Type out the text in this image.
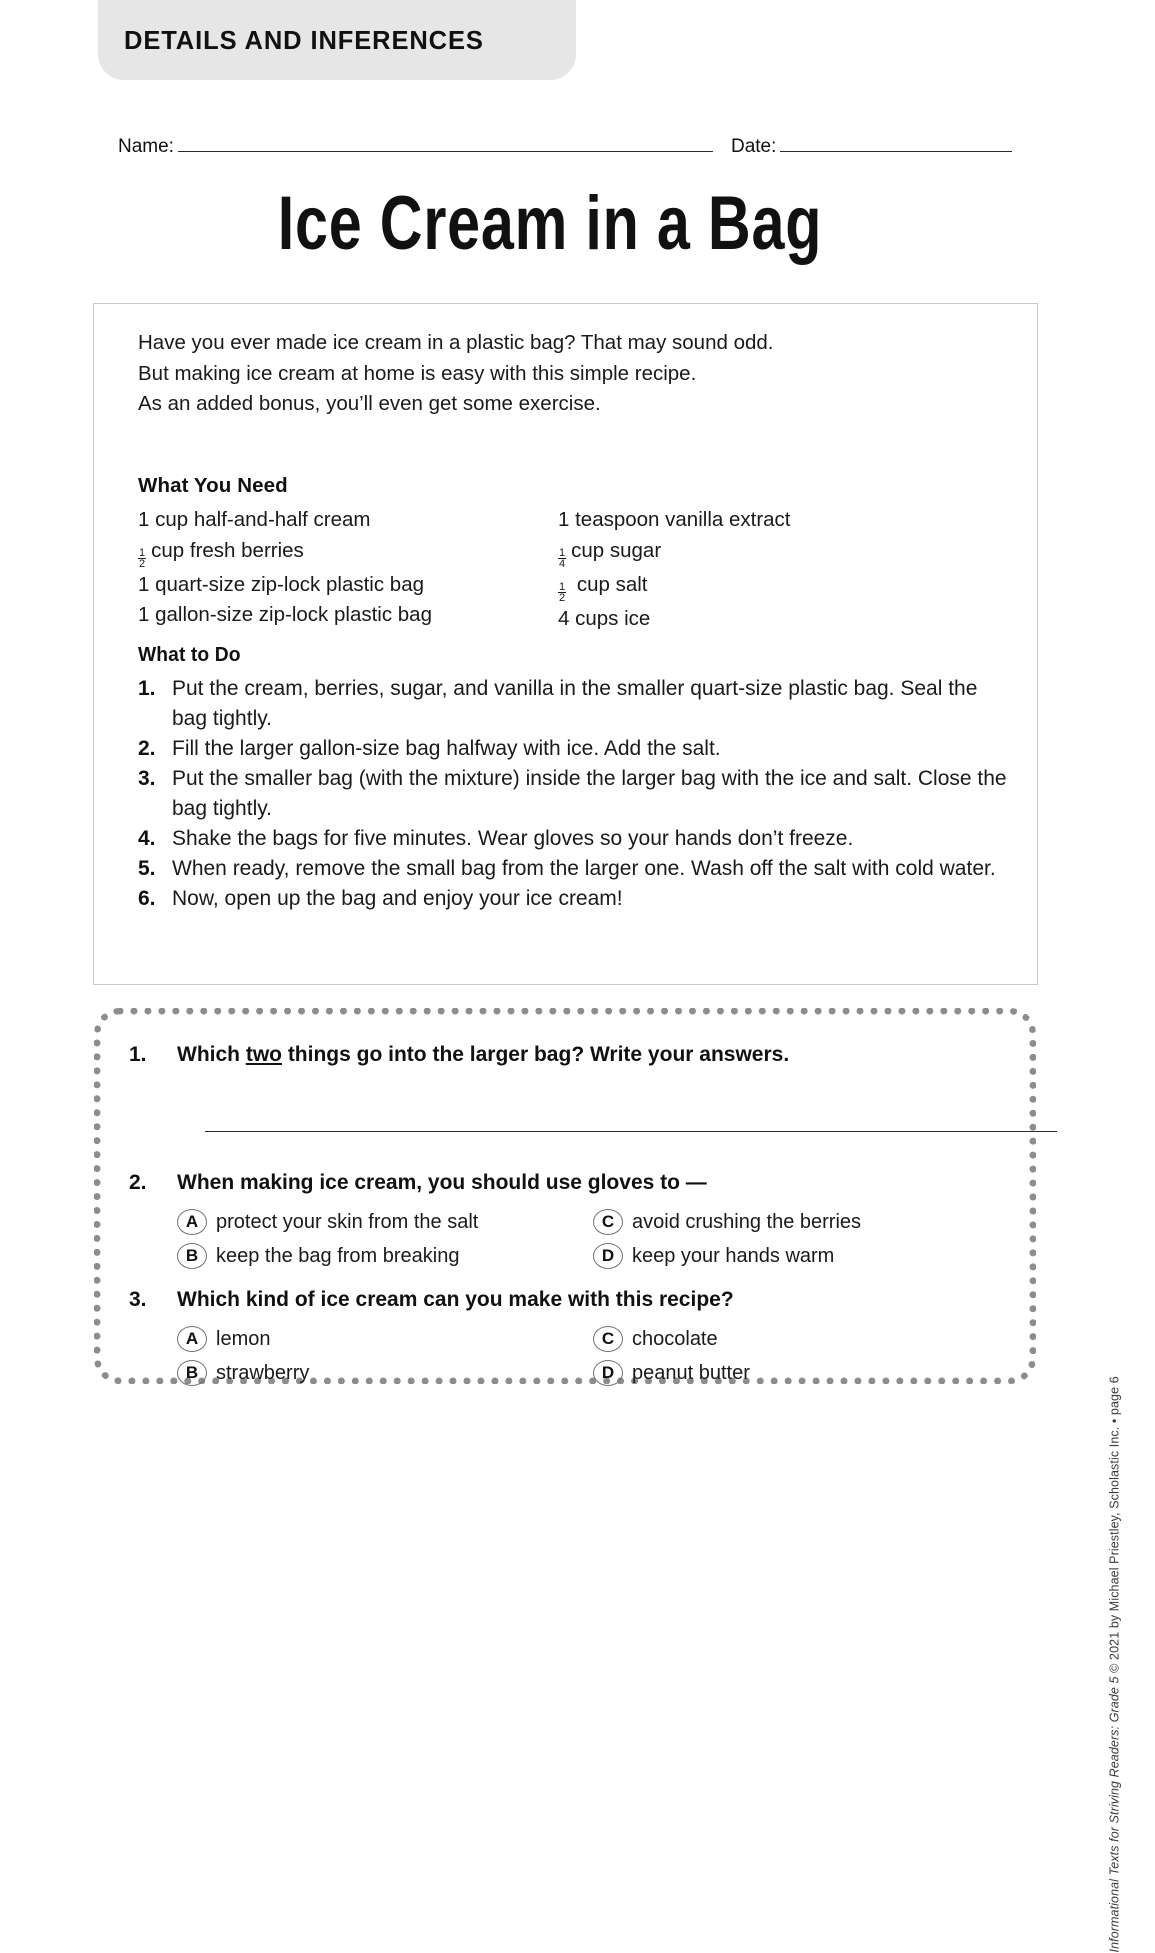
DETAILS AND INFERENCES
Name:	Date:
Ice Cream in a Bag
Have you ever made ice cream in a plastic bag? That may sound odd.
But making ice cream at home is easy with this simple recipe.
As an added bonus, you’ll even get some exercise.
What You Need
1
cup half-and-half cream
$\frac{1}{2}$ cup fresh berries
1
quart-size zip-lock plastic bag
1
gallon-size zip-lock plastic bag
1
teaspoon vanilla extract
$\frac{1}{4}$ cup sugar
$\frac{1}{2}$
cup salt
4
cups ice
What to Do
1. Put the cream, berries, sugar, and vanilla in the smaller quart-size plastic bag. Seal the bag tightly.
2. Fill the larger gallon-size bag halfway with ice. Add the salt.
3. Put the smaller bag (with the mixture) inside the larger bag with the ice and salt. Close the bag tightly.
4. Shake the bags for five minutes. Wear gloves so your hands don’t freeze.
5. When ready, remove the small bag from the larger one. Wash off the salt with cold water.
6. Now, open up the bag and enjoy your ice cream!
1.	Which two things go into the larger bag? Write your answers.
2.	When making ice cream, you should use gloves to —
A protect your skin from the salt
B keep the bag from breaking
C avoid crushing the berries
D keep your hands warm
3.	Which kind of ice cream can you make with this recipe?
A lemon
B strawberry
C chocolate
D peanut butter
Informational Texts for Striving Readers: Grade 5 © 2021 by Michael Priestley, Scholastic Inc. • page 6
